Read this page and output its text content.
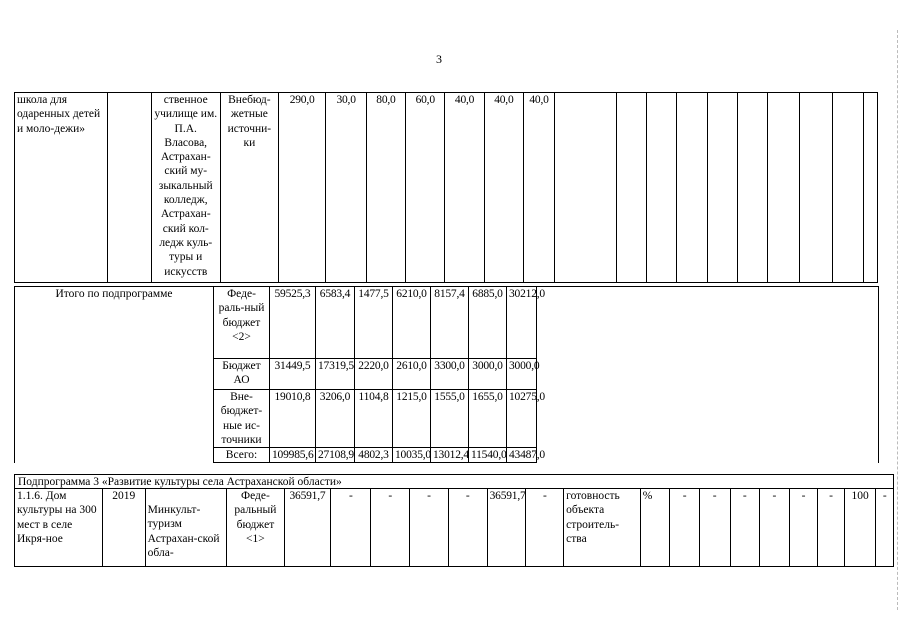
3
школа для одаренных детей и моло-дежи»		ственное училище им. П.А. Власова, Астрахан-ский му-зыкальный колледж, Астрахан-ский кол-ледж куль-туры и искусств	Внебюд-жетные источни-ки	290,0	30,0	80,0	60,0	40,0	40,0	40,0										
Итого по подпрограмме	Феде-раль-ный бюджет <2>	59525,3	6583,4	1477,5	6210,0	8157,4	6885,0	30212,0	
	Бюджет АО	31449,5	17319,5	2220,0	2610,0	3300,0	3000,0	3000,0	
	Вне-бюджет-ные ис-точники	19010,8	3206,0	1104,8	1215,0	1555,0	1655,0	10275,0	
	Всего:	109985,6	27108,9	4802,3	10035,0	13012,4	11540,0	43487,0	
Подпрограмма 3 «Развитие культуры села Астраханской области»
1.1.6. Дом культуры на 300 мест в селе Икря-ное	2019	Минкульт-туризм Астрахан-ской обла-	Феде-ральный бюджет <1>	36591,7	-	-	-	-	36591,7	-	готовность объекта строитель-ства	%	-	-	-	-	-	-	100	-
